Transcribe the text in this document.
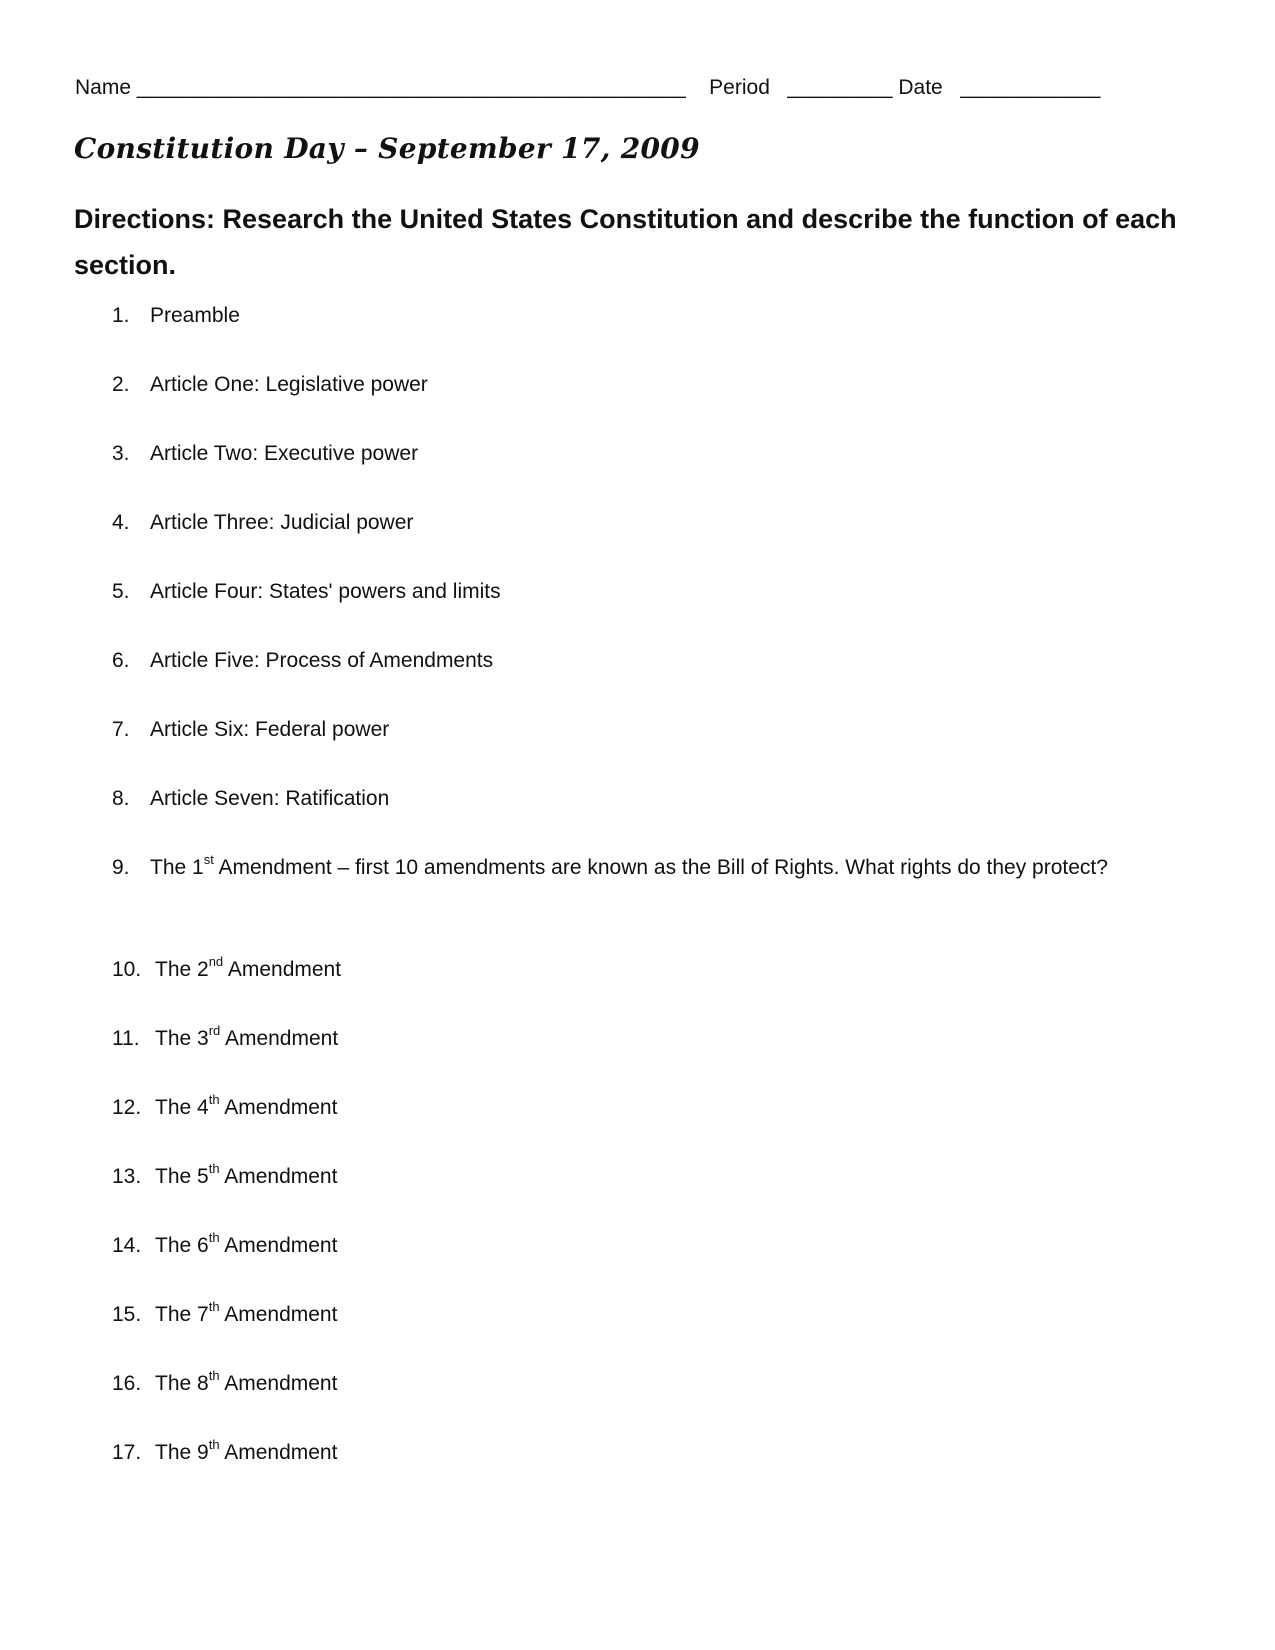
Name _______________________________________________ Period _________ Date ____________
Constitution Day – September 17, 2009
Directions: Research the United States Constitution and describe the function of each section.
1. Preamble
2. Article One: Legislative power
3. Article Two: Executive power
4. Article Three: Judicial power
5. Article Four: States' powers and limits
6. Article Five: Process of Amendments
7. Article Six: Federal power
8. Article Seven: Ratification
9. The 1st Amendment – first 10 amendments are known as the Bill of Rights. What rights do they protect?
10. The 2nd Amendment
11. The 3rd Amendment
12. The 4th Amendment
13. The 5th Amendment
14. The 6th Amendment
15. The 7th Amendment
16. The 8th Amendment
17. The 9th Amendment
